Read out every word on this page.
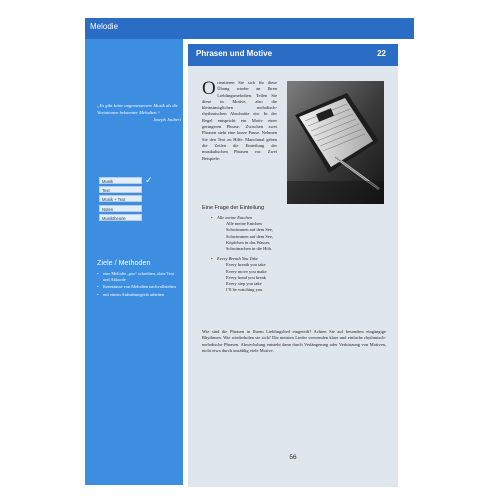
Melodie
„Es gibt keine angemessenere Musik als die Variationen bekannter Melodien.“
Joseph Joubert
Musik	✓
Text
Musik + Text
Noten
Musiktheorie
Ziele / Methoden
• eine Melodie „pur“ schreiben, ohne Text und Akkorde
• Kenntnisse von Melodien nachvollziehen
• mit einem Aufnahmegerät arbeiten
Phrasen und Motive	22
Orientieren Sie sich für diese Übung wieder an Ihren Lieblingsmelodien. Teilen Sie diese in Motive, also die kleinstmöglichen melodisch-rhythmischen Abschnitte ein. In der Regel entspricht ein Motiv einer geringeren Phrase. Zwischen zwei Phrasen steht eine kurze Pause. Nehmen Sie den Text zu Hilfe. Manchmal geben die Zeilen die Einteilung der musikalischen Phrasen vor. Zwei Beispiele:
Eine Frage der Einteilung
• Alle meine Entchen
Alle meine Entchen
Schwimmen auf dem See,
Schwimmen auf dem See,
Köpfchen in das Wasser,
Schwänzchen in die Höh.
• Every Breath You Take
Every breath you take
Every move you make
Every bond you break
Every step you take
I’ll be watching you
Wie sind die Phrasen in Ihrem Lieblingslied eingeteilt? Achten Sie auf besonders eingängige Rhythmen. Wie wiederholen sie sich? Die meisten Lieder verwenden klare und einfache rhythmisch-melodische Phrasen. Abwechslung entsteht dann durch Verlängerung oder Verkürzung von Motiven, nicht etwa durch unzählig viele Motive.
56
